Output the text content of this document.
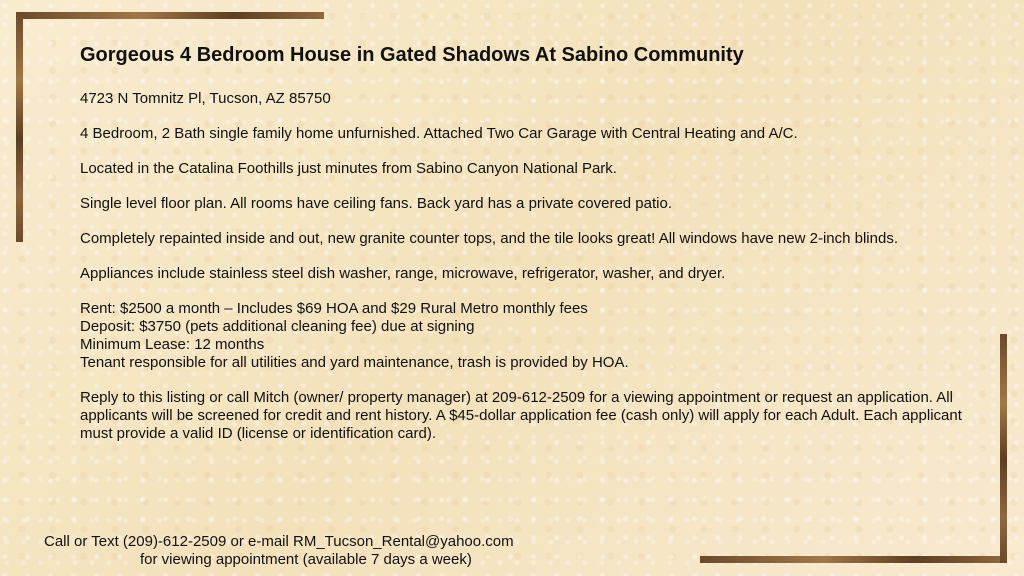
Gorgeous 4 Bedroom House in Gated Shadows At Sabino Community

4723 N Tomnitz Pl, Tucson, AZ 85750

4 Bedroom, 2 Bath single family home unfurnished. Attached Two Car Garage with Central Heating and A/C.

Located in the Catalina Foothills just minutes from Sabino Canyon National Park.

Single level floor plan. All rooms have ceiling fans. Back yard has a private covered patio.

Completely repainted inside and out, new granite counter tops, and the tile looks great! All windows have new 2-inch blinds.

Appliances include stainless steel dish washer, range, microwave, refrigerator, washer, and dryer.

Rent: $2500 a month – Includes $69 HOA and $29 Rural Metro monthly fees
Deposit: $3750 (pets additional cleaning fee) due at signing
Minimum Lease: 12 months
Tenant responsible for all utilities and yard maintenance, trash is provided by HOA.

Reply to this listing or call Mitch (owner/ property manager) at 209-612-2509 for a viewing appointment or request an application. All applicants will be screened for credit and rent history. A $45-dollar application fee (cash only) will apply for each Adult. Each applicant must provide a valid ID (license or identification card).

Call or Text (209)-612-2509 or e-mail RM_Tucson_Rental@yahoo.com
for viewing appointment (available 7 days a week)
